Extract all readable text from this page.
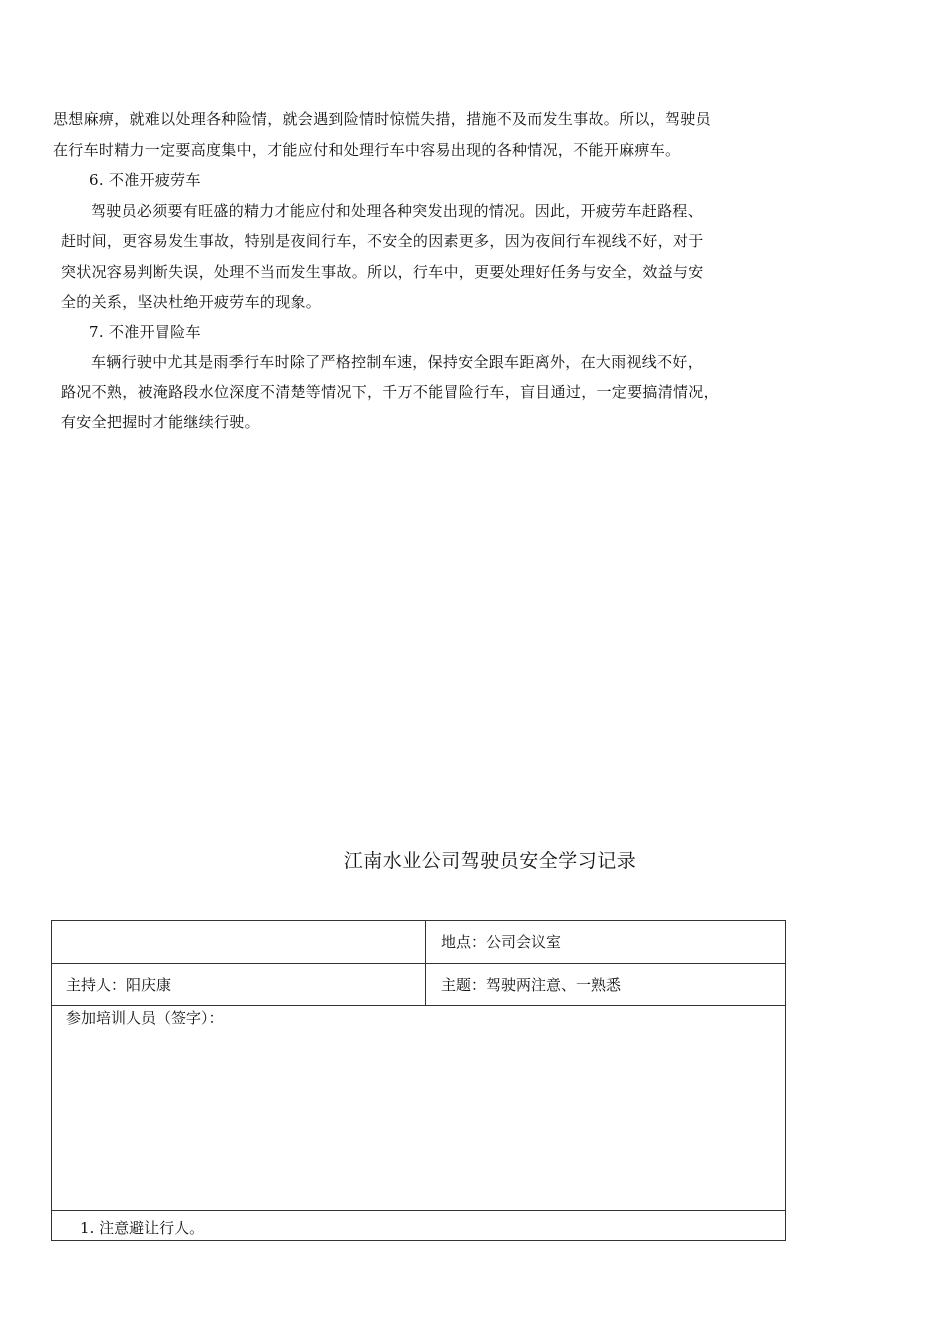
思想麻痹，就难以处理各种险情，就会遇到险情时惊慌失措，措施不及而发生事故。所以，驾驶员
在行车时精力一定要高度集中，才能应付和处理行车中容易出现的各种情况，不能开麻痹车。
6. 不准开疲劳车
驾驶员必须要有旺盛的精力才能应付和处理各种突发出现的情况。因此，开疲劳车赶路程、
赶时间，更容易发生事故，特别是夜间行车，不安全的因素更多，因为夜间行车视线不好，对于
突状况容易判断失误，处理不当而发生事故。所以，行车中，更要处理好任务与安全，效益与安
全的关系，坚决杜绝开疲劳车的现象。
7. 不准开冒险车
车辆行驶中尤其是雨季行车时除了严格控制车速，保持安全跟车距离外，在大雨视线不好，
路况不熟，被淹路段水位深度不清楚等情况下，千万不能冒险行车，盲目通过，一定要搞清情况，
有安全把握时才能继续行驶。
江南水业公司驾驶员安全学习记录
地点：公司会议室
主持人：阳庆康	主题：驾驶两注意、一熟悉
参加培训人员（签字）：
1. 注意避让行人。
